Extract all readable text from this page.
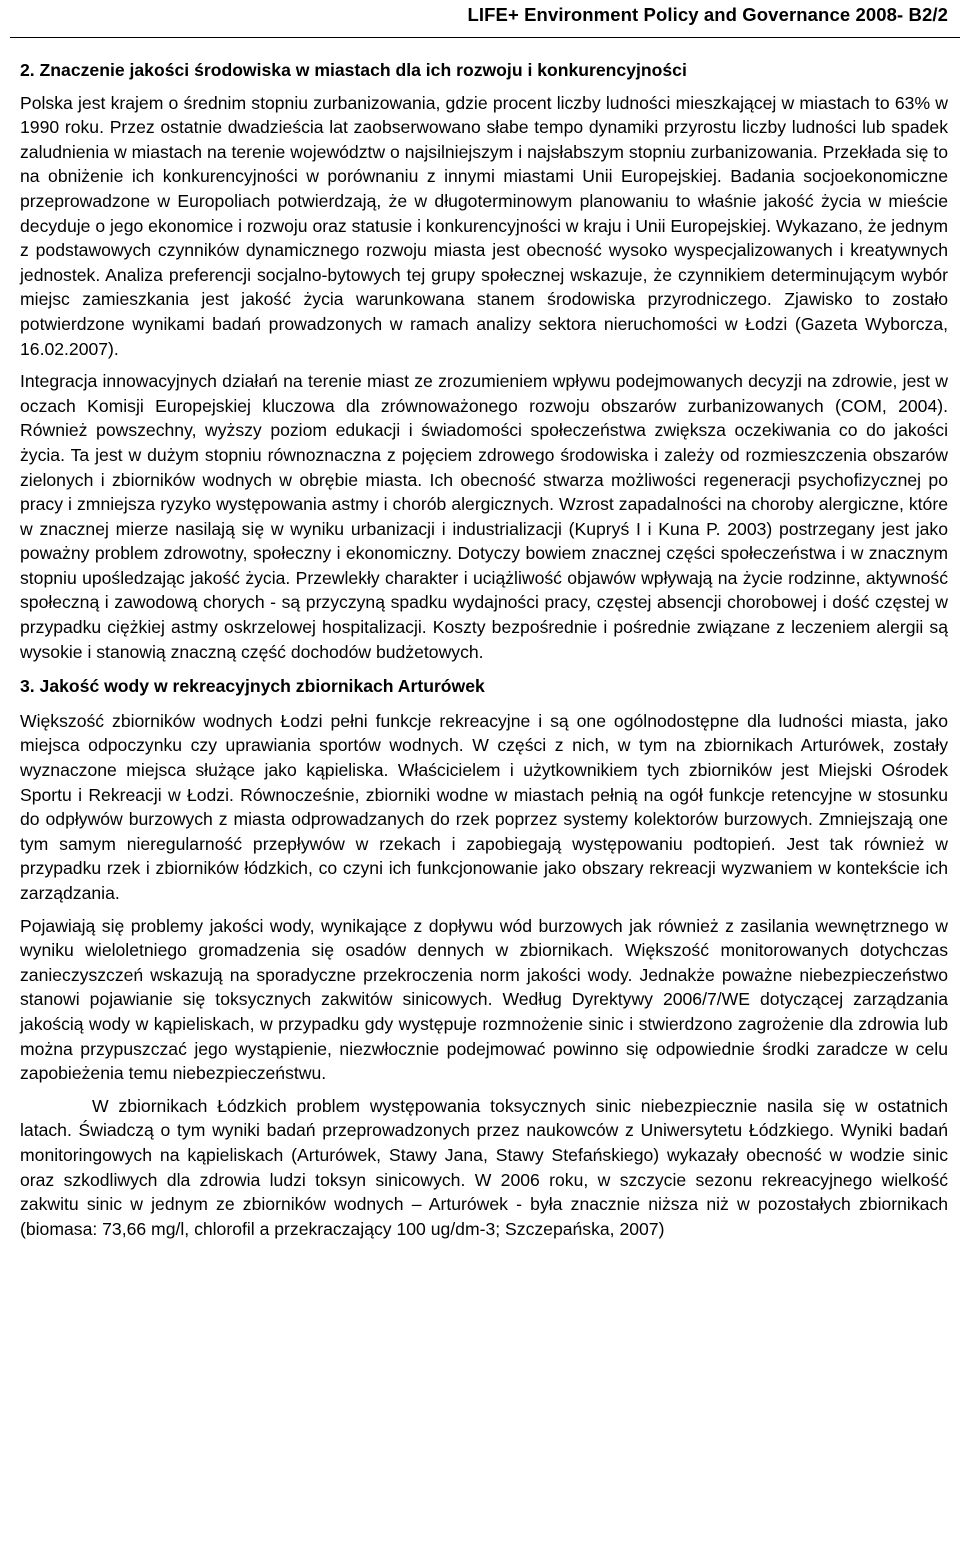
LIFE+ Environment Policy and Governance 2008- B2/2
2. Znaczenie jakości środowiska w miastach dla ich rozwoju i konkurencyjności

Polska jest krajem o średnim stopniu zurbanizowania, gdzie procent liczby ludności mieszkającej w miastach to 63% w 1990 roku. Przez ostatnie dwadzieścia lat zaobserwowano słabe tempo dynamiki przyrostu liczby ludności lub spadek zaludnienia w miastach na terenie województw o najsilniejszym i najsłabszym stopniu zurbanizowania. Przekłada się to na obniżenie ich konkurencyjności w porównaniu z innymi miastami Unii Europejskiej. Badania socjoekonomiczne przeprowadzone w Europoliach potwierdzają, że w długoterminowym planowaniu to właśnie jakość życia w mieście decyduje o jego ekonomice i rozwoju oraz statusie i konkurencyjności w kraju i Unii Europejskiej. Wykazano, że jednym z podstawowych czynników dynamicznego rozwoju miasta jest obecność wysoko wyspecjalizowanych i kreatywnych jednostek. Analiza preferencji socjalno-bytowych tej grupy społecznej wskazuje, że czynnikiem determinującym wybór miejsc zamieszkania jest jakość życia warunkowana stanem środowiska przyrodniczego. Zjawisko to zostało potwierdzone wynikami badań prowadzonych w ramach analizy sektora nieruchomości w Łodzi (Gazeta Wyborcza, 16.02.2007).

Integracja innowacyjnych działań na terenie miast ze zrozumieniem wpływu podejmowanych decyzji na zdrowie, jest w oczach Komisji Europejskiej kluczowa dla zrównoważonego rozwoju obszarów zurbanizowanych (COM, 2004). Również powszechny, wyższy poziom edukacji i świadomości społeczeństwa zwiększa oczekiwania co do jakości życia. Ta jest w dużym stopniu równoznaczna z pojęciem zdrowego środowiska i zależy od rozmieszczenia obszarów zielonych i zbiorników wodnych w obrębie miasta. Ich obecność stwarza możliwości regeneracji psychofizycznej po pracy i zmniejsza ryzyko występowania astmy i chorób alergicznych. Wzrost zapadalności na choroby alergiczne, które w znacznej mierze nasilają się w wyniku urbanizacji i industrializacji (Kupryś I i Kuna P. 2003) postrzegany jest jako poważny problem zdrowotny, społeczny i ekonomiczny. Dotyczy bowiem znacznej części społeczeństwa i w znacznym stopniu upośledzając jakość życia. Przewlekły charakter i uciążliwość objawów wpływają na życie rodzinne, aktywność społeczną i zawodową chorych - są przyczyną spadku wydajności pracy, częstej absencji chorobowej i dość częstej w przypadku ciężkiej astmy oskrzelowej hospitalizacji. Koszty bezpośrednie i pośrednie związane z leczeniem alergii są wysokie i stanowią znaczną część dochodów budżetowych.

3. Jakość wody w rekreacyjnych zbiornikach Arturówek

Większość zbiorników wodnych Łodzi pełni funkcje rekreacyjne i są one ogólnodostępne dla ludności miasta, jako miejsca odpoczynku czy uprawiania sportów wodnych. W części z nich, w tym na zbiornikach Arturówek, zostały wyznaczone miejsca służące jako kąpieliska. Właścicielem i użytkownikiem tych zbiorników jest Miejski Ośrodek Sportu i Rekreacji w Łodzi. Równocześnie, zbiorniki wodne w miastach pełnią na ogół funkcje retencyjne w stosunku do odpływów burzowych z miasta odprowadzanych do rzek poprzez systemy kolektorów burzowych. Zmniejszają one tym samym nieregularność przepływów w rzekach i zapobiegają występowaniu podtopień. Jest tak również w przypadku rzek i zbiorników łódzkich, co czyni ich funkcjonowanie jako obszary rekreacji wyzwaniem w kontekście ich zarządzania.

Pojawiają się problemy jakości wody, wynikające z dopływu wód burzowych jak również z zasilania wewnętrznego w wyniku wieloletniego gromadzenia się osadów dennych w zbiornikach. Większość monitorowanych dotychczas zanieczyszczeń wskazują na sporadyczne przekroczenia norm jakości wody. Jednakże poważne niebezpieczeństwo stanowi pojawianie się toksycznych zakwitów sinicowych. Według Dyrektywy 2006/7/WE dotyczącej zarządzania jakością wody w kąpieliskach, w przypadku gdy występuje rozmnożenie sinic i stwierdzono zagrożenie dla zdrowia lub można przypuszczać jego wystąpienie, niezwłocznie podejmować powinno się odpowiednie środki zaradcze w celu zapobieżenia temu niebezpieczeństwu.

W zbiornikach Łódzkich problem występowania toksycznych sinic niebezpiecznie nasila się w ostatnich latach. Świadczą o tym wyniki badań przeprowadzonych przez naukowców z Uniwersytetu Łódzkiego. Wyniki badań monitoringowych na kąpieliskach (Arturówek, Stawy Jana, Stawy Stefańskiego) wykazały obecność w wodzie sinic oraz szkodliwych dla zdrowia ludzi toksyn sinicowych. W 2006 roku, w szczycie sezonu rekreacyjnego wielkość zakwitu sinic w jednym ze zbiorników wodnych – Arturówek - była znacznie niższa niż w pozostałych zbiornikach (biomasa: 73,66 mg/l, chlorofil a przekraczający 100 ug/dm-3; Szczepańska, 2007)
